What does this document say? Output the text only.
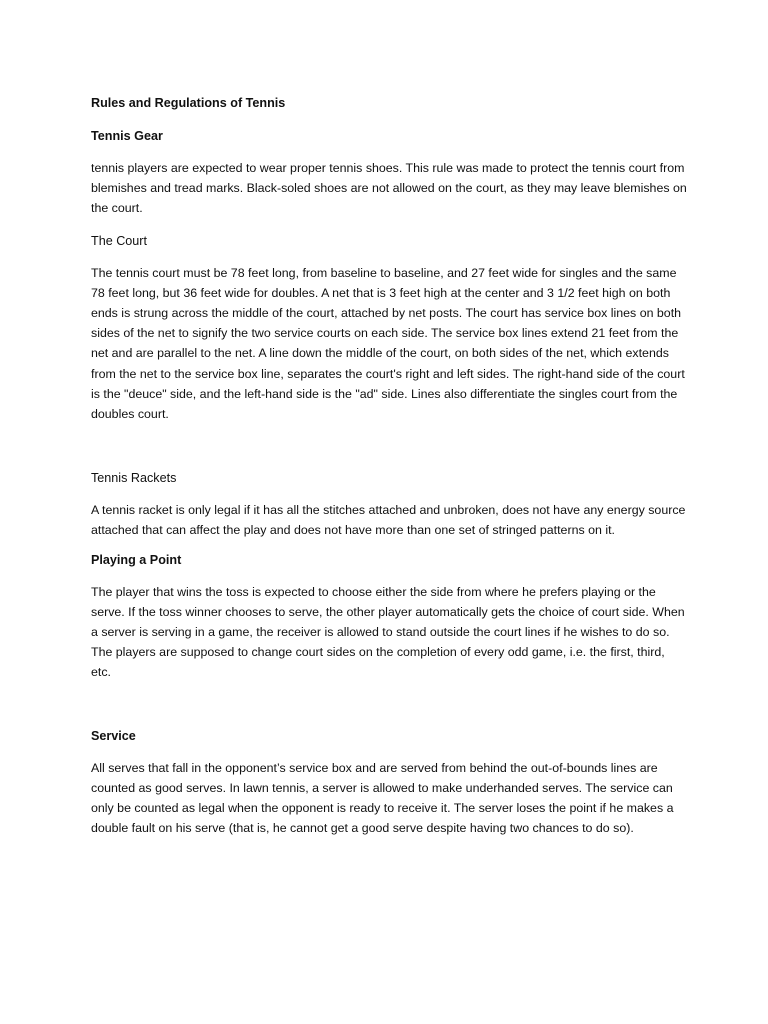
Rules and Regulations of Tennis
Tennis Gear

tennis players are expected to wear proper tennis shoes. This rule was made to protect the tennis court from blemishes and tread marks. Black-soled shoes are not allowed on the court, as they may leave blemishes on the court.

The Court

The tennis court must be 78 feet long, from baseline to baseline, and 27 feet wide for singles and the same 78 feet long, but 36 feet wide for doubles. A net that is 3 feet high at the center and 3 1/2 feet high on both ends is strung across the middle of the court, attached by net posts. The court has service box lines on both sides of the net to signify the two service courts on each side. The service box lines extend 21 feet from the net and are parallel to the net. A line down the middle of the court, on both sides of the net, which extends from the net to the service box line, separates the court's right and left sides. The right-hand side of the court is the "deuce" side, and the left-hand side is the "ad" side. Lines also differentiate the singles court from the doubles court.

Tennis Rackets

A tennis racket is only legal if it has all the stitches attached and unbroken, does not have any energy source attached that can affect the play and does not have more than one set of stringed patterns on it.

Playing a Point

The player that wins the toss is expected to choose either the side from where he prefers playing or the serve. If the toss winner chooses to serve, the other player automatically gets the choice of court side. When a server is serving in a game, the receiver is allowed to stand outside the court lines if he wishes to do so. The players are supposed to change court sides on the completion of every odd game, i.e. the first, third, etc.

Service

All serves that fall in the opponent’s service box and are served from behind the out-of-bounds lines are counted as good serves. In lawn tennis, a server is allowed to make underhanded serves. The service can only be counted as legal when the opponent is ready to receive it. The server loses the point if he makes a double fault on his serve (that is, he cannot get a good serve despite having two chances to do so).
